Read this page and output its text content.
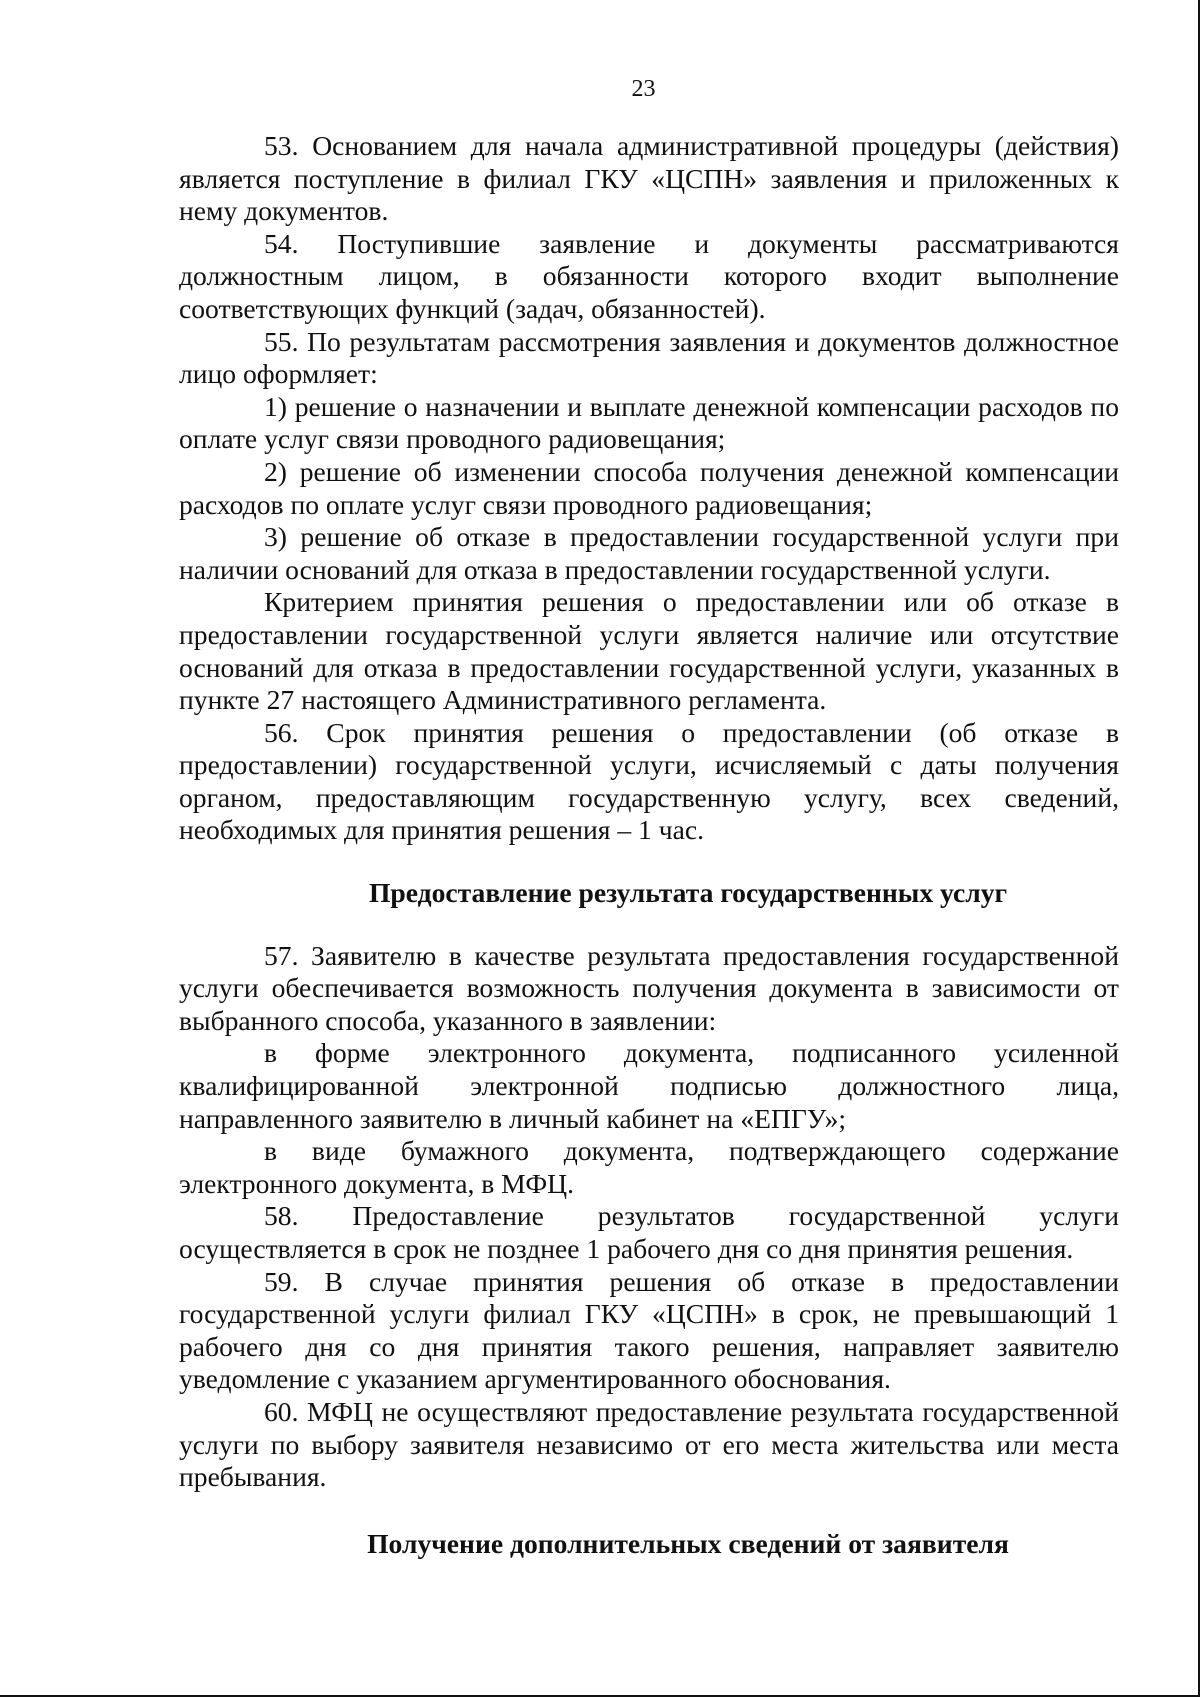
23

53. Основанием для начала административной процедуры (действия) является поступление в филиал ГКУ «ЦСПН» заявления и приложенных к нему документов.

54. Поступившие заявление и документы рассматриваются должностным лицом, в обязанности которого входит выполнение соответствующих функций (задач, обязанностей).

55. По результатам рассмотрения заявления и документов должностное лицо оформляет:

1) решение о назначении и выплате денежной компенсации расходов по оплате услуг связи проводного радиовещания;

2) решение об изменении способа получения денежной компенсации расходов по оплате услуг связи проводного радиовещания;

3) решение об отказе в предоставлении государственной услуги при наличии оснований для отказа в предоставлении государственной услуги.

Критерием принятия решения о предоставлении или об отказе в предоставлении государственной услуги является наличие или отсутствие оснований для отказа в предоставлении государственной услуги, указанных в пункте 27 настоящего Административного регламента.

56. Срок принятия решения о предоставлении (об отказе в предоставлении) государственной услуги, исчисляемый с даты получения органом, предоставляющим государственную услугу, всех сведений, необходимых для принятия решения – 1 час.

Предоставление результата государственных услуг

57. Заявителю в качестве результата предоставления государственной услуги обеспечивается возможность получения документа в зависимости от выбранного способа, указанного в заявлении:

в форме электронного документа, подписанного усиленной квалифицированной электронной подписью должностного лица, направленного заявителю в личный кабинет на «ЕПГУ»;

в виде бумажного документа, подтверждающего содержание электронного документа, в МФЦ.

58. Предоставление результатов государственной услуги осуществляется в срок не позднее 1 рабочего дня со дня принятия решения.

59. В случае принятия решения об отказе в предоставлении государственной услуги филиал ГКУ «ЦСПН» в срок, не превышающий 1 рабочего дня со дня принятия такого решения, направляет заявителю уведомление с указанием аргументированного обоснования.

60. МФЦ не осуществляют предоставление результата государственной услуги по выбору заявителя независимо от его места жительства или места пребывания.

Получение дополнительных сведений от заявителя
